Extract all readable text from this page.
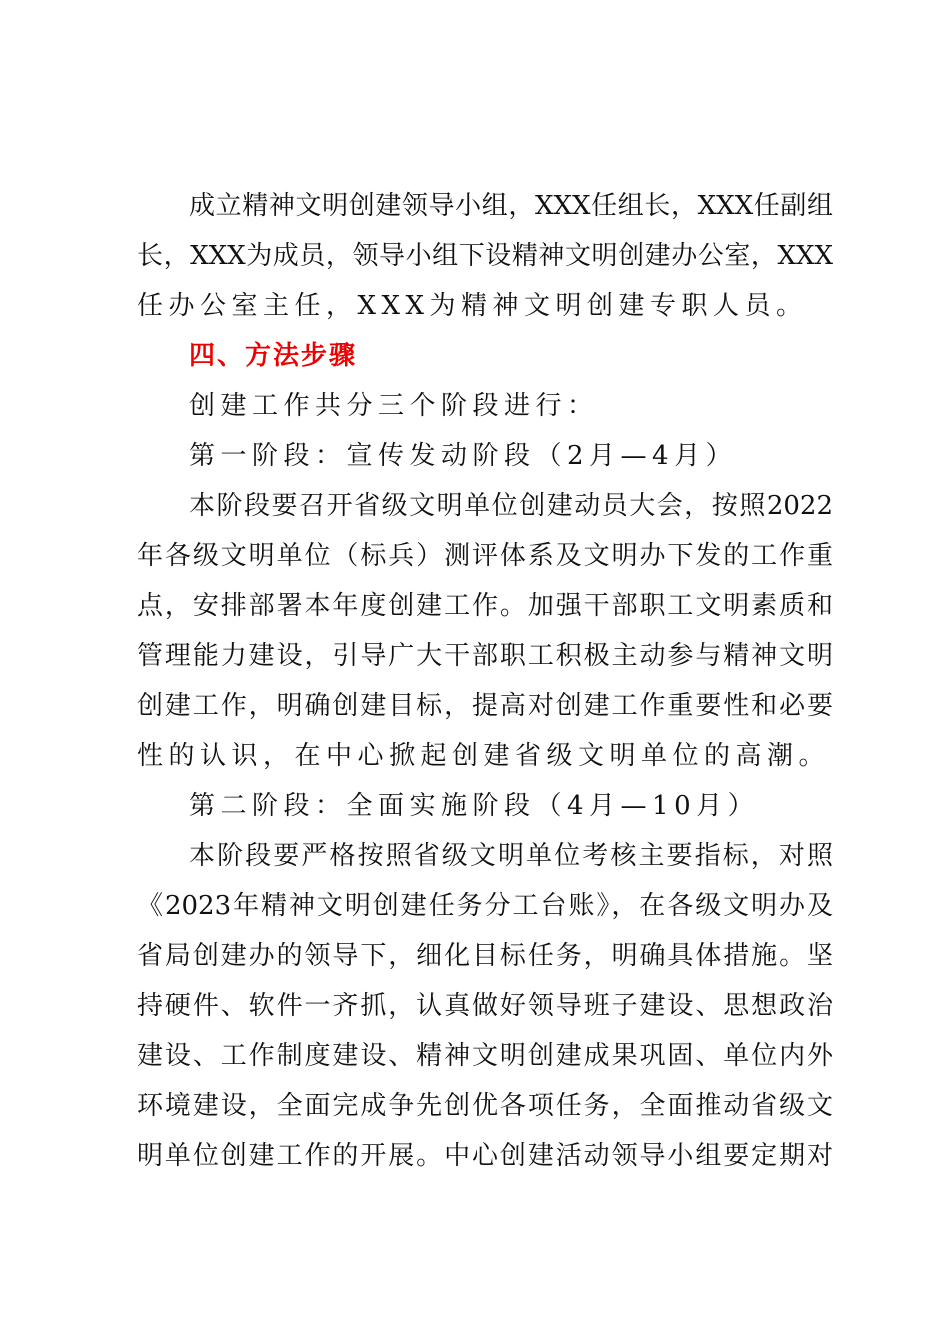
成立精神文明创建领导小组，XXX任组长，XXX任副组

长，XXX为成员，领导小组下设精神文明创建办公室，XXX

任办公室主任，XXX为精神文明创建专职人员。

四、方法步骤

创建工作共分三个阶段进行：

第一阶段：宣传发动阶段（2月—4月）

本阶段要召开省级文明单位创建动员大会，按照2022

年各级文明单位（标兵）测评体系及文明办下发的工作重

点，安排部署本年度创建工作。加强干部职工文明素质和

管理能力建设，引导广大干部职工积极主动参与精神文明

创建工作，明确创建目标，提高对创建工作重要性和必要

性的认识，在中心掀起创建省级文明单位的高潮。

第二阶段：全面实施阶段（4月—10月）

本阶段要严格按照省级文明单位考核主要指标，对照

《2023年精神文明创建任务分工台账》，在各级文明办及

省局创建办的领导下，细化目标任务，明确具体措施。坚

持硬件、软件一齐抓，认真做好领导班子建设、思想政治

建设、工作制度建设、精神文明创建成果巩固、单位内外

环境建设，全面完成争先创优各项任务，全面推动省级文

明单位创建工作的开展。中心创建活动领导小组要定期对
